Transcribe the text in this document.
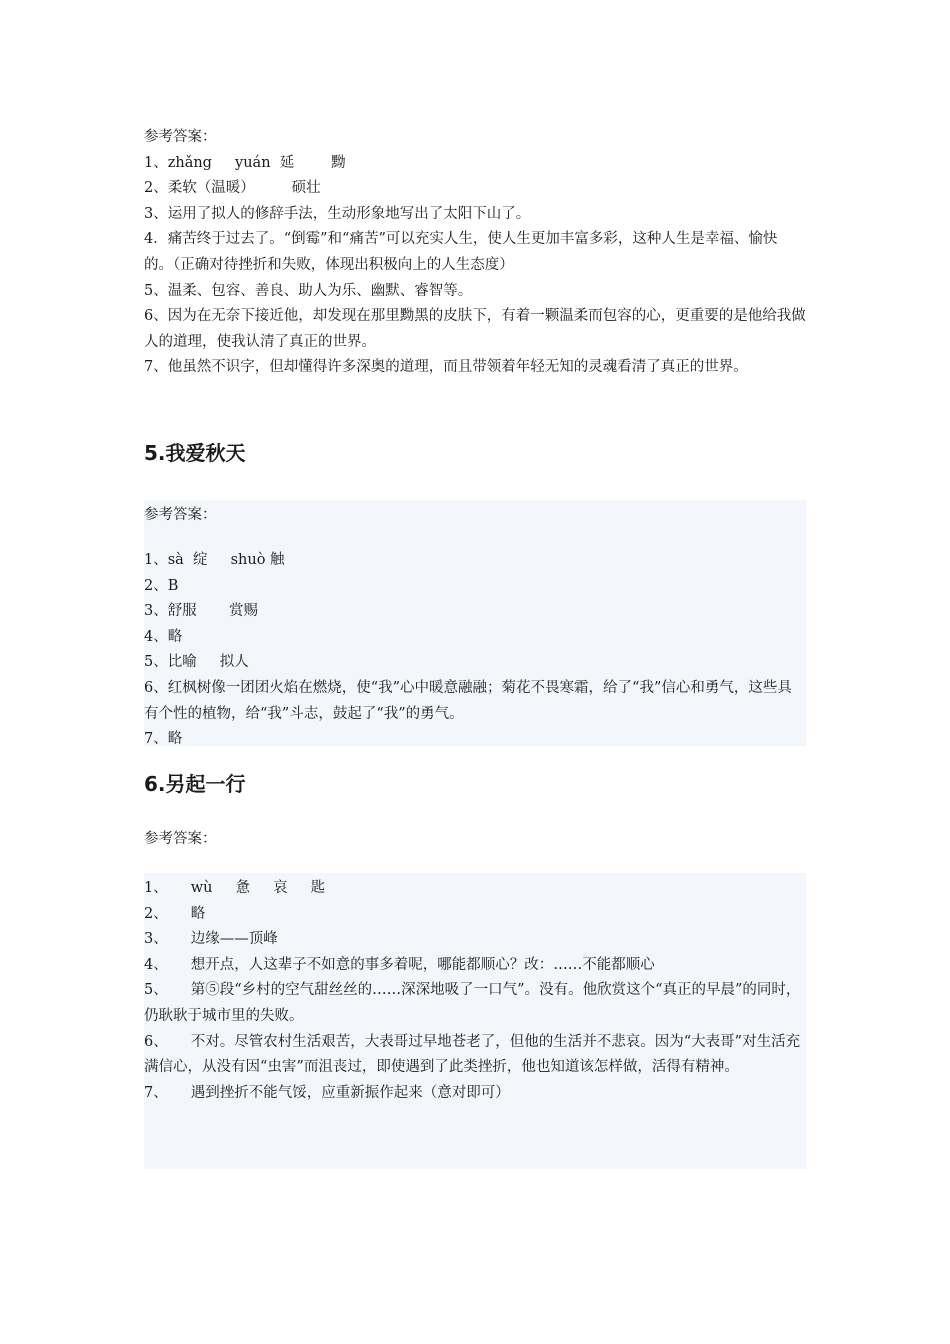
参考答案：

1、zhǎng     yuán  延        黝

2、柔软（温暖）        硕壮

3、运用了拟人的修辞手法，生动形象地写出了太阳下山了。

4．痛苦终于过去了。“倒霉”和“痛苦”可以充实人生，使人生更加丰富多彩，这种人生是幸福、愉快的。（正确对待挫折和失败，体现出积极向上的人生态度）

5、温柔、包容、善良、助人为乐、幽默、睿智等。

6、因为在无奈下接近他，却发现在那里黝黑的皮肤下，有着一颗温柔而包容的心，更重要的是他给我做人的道理，使我认清了真正的世界。

7、他虽然不识字，但却懂得许多深奥的道理，而且带领着年轻无知的灵魂看清了真正的世界。

5.我爱秋天

参考答案：

1、sà  绽     shuò 触

2、B

3、舒服       赏赐

4、略

5、比喻     拟人

6、红枫树像一团团火焰在燃烧，使“我”心中暖意融融；菊花不畏寒霜，给了“我”信心和勇气，这些具有个性的植物，给“我”斗志，鼓起了“我”的勇气。

7、略

6.另起一行

参考答案：

1、     wù     惫     哀     匙

2、     略

3、     边缘——顶峰

4、     想开点，人这辈子不如意的事多着呢，哪能都顺心？改：……不能都顺心

5、     第⑤段“乡村的空气甜丝丝的……深深地吸了一口气”。没有。他欣赏这个“真正的早晨”的同时，仍耿耿于城市里的失败。

6、     不对。尽管农村生活艰苦，大表哥过早地苍老了，但他的生活并不悲哀。因为“大表哥”对生活充满信心，从没有因“虫害”而沮丧过，即使遇到了此类挫折，他也知道该怎样做，活得有精神。

7、     遇到挫折不能气馁，应重新振作起来（意对即可）
